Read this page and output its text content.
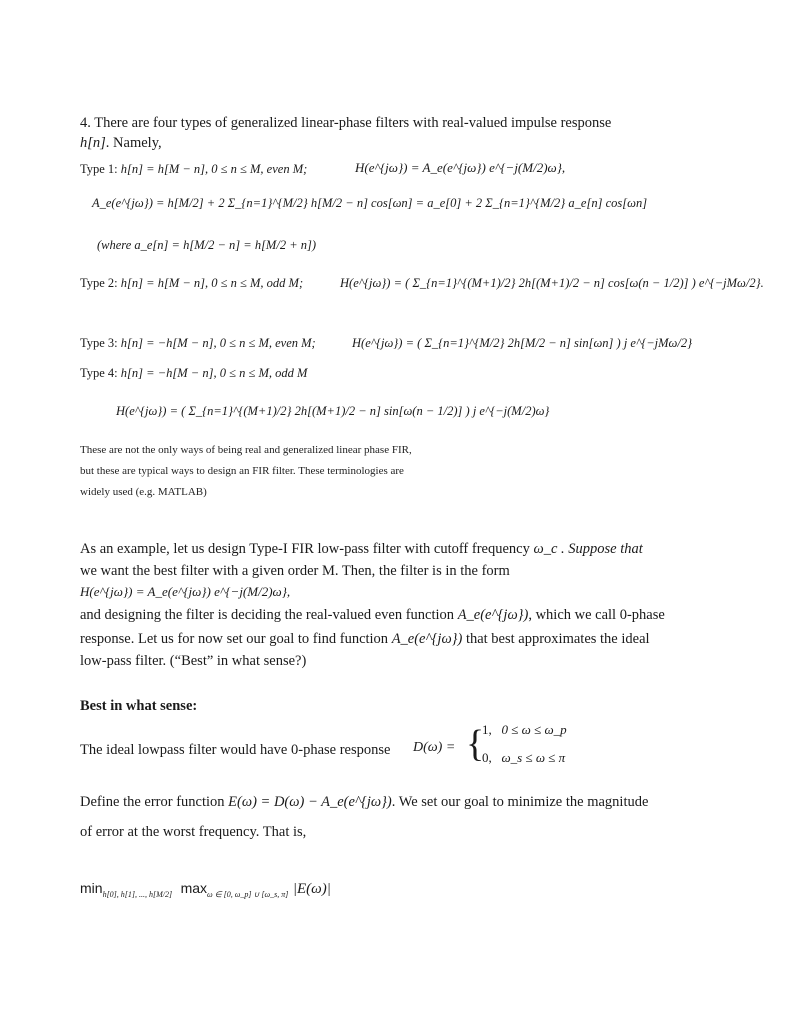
4. There are four types of generalized linear-phase filters with real-valued impulse response
h[n]. Namely,
Type 1: h[n] = h[M − n], 0 ≤ n ≤ M, even M;	H(e^{jω}) = A_e(e^{jω}) e^{−j(M/2)ω},
A_e(e^{jω}) = h[M/2] + 2 Σ_{n=1}^{M/2} h[M/2 − n] cos[ωn] = a_e[0] + 2 Σ_{n=1}^{M/2} a_e[n] cos[ωn]
(where a_e[n] = h[M/2 − n] = h[M/2 + n])
Type 2: h[n] = h[M − n], 0 ≤ n ≤ M, odd M;	H(e^{jω}) = ( Σ_{n=1}^{(M+1)/2} 2h[(M+1)/2 − n] cos[ω(n − 1/2)] ) e^{−jMω/2}.
Type 3: h[n] = −h[M − n], 0 ≤ n ≤ M, even M;	H(e^{jω}) = ( Σ_{n=1}^{M/2} 2h[M/2 − n] sin[ωn] ) j e^{−jMω/2}
Type 4: h[n] = −h[M − n], 0 ≤ n ≤ M, odd M
H(e^{jω}) = ( Σ_{n=1}^{(M+1)/2} 2h[(M+1)/2 − n] sin[ω(n − 1/2)] ) j e^{−j(M/2)ω}
These are not the only ways of being real and generalized linear phase FIR,
but these are typical ways to design an FIR filter. These terminologies are
widely used (e.g. MATLAB)
As an example, let us design Type-I FIR low-pass filter with cutoff frequency ω_c . Suppose that
we want the best filter with a given order M. Then, the filter is in the form
H(e^{jω}) = A_e(e^{jω}) e^{−j(M/2)ω},
and designing the filter is deciding the real-valued even function A_e(e^{jω}), which we call 0-phase
response. Let us for now set our goal to find function A_e(e^{jω}) that best approximates the ideal
low-pass filter. (“Best” in what sense?)
Best in what sense:
The ideal lowpass filter would have 0-phase response D(ω) = {
1, 0 ≤ ω ≤ ω_p
0, ω_s ≤ ω ≤ π
Define the error function E(ω) = D(ω) − A_e(e^{jω}). We set our goal to minimize the magnitude
of error at the worst frequency. That is,
$\min_{h[0], h[1], ..., h[M/2]} \max_{\omega \in [0, \omega\_p] \cup [\omega\_s, \pi]} |E(\omega)|$
